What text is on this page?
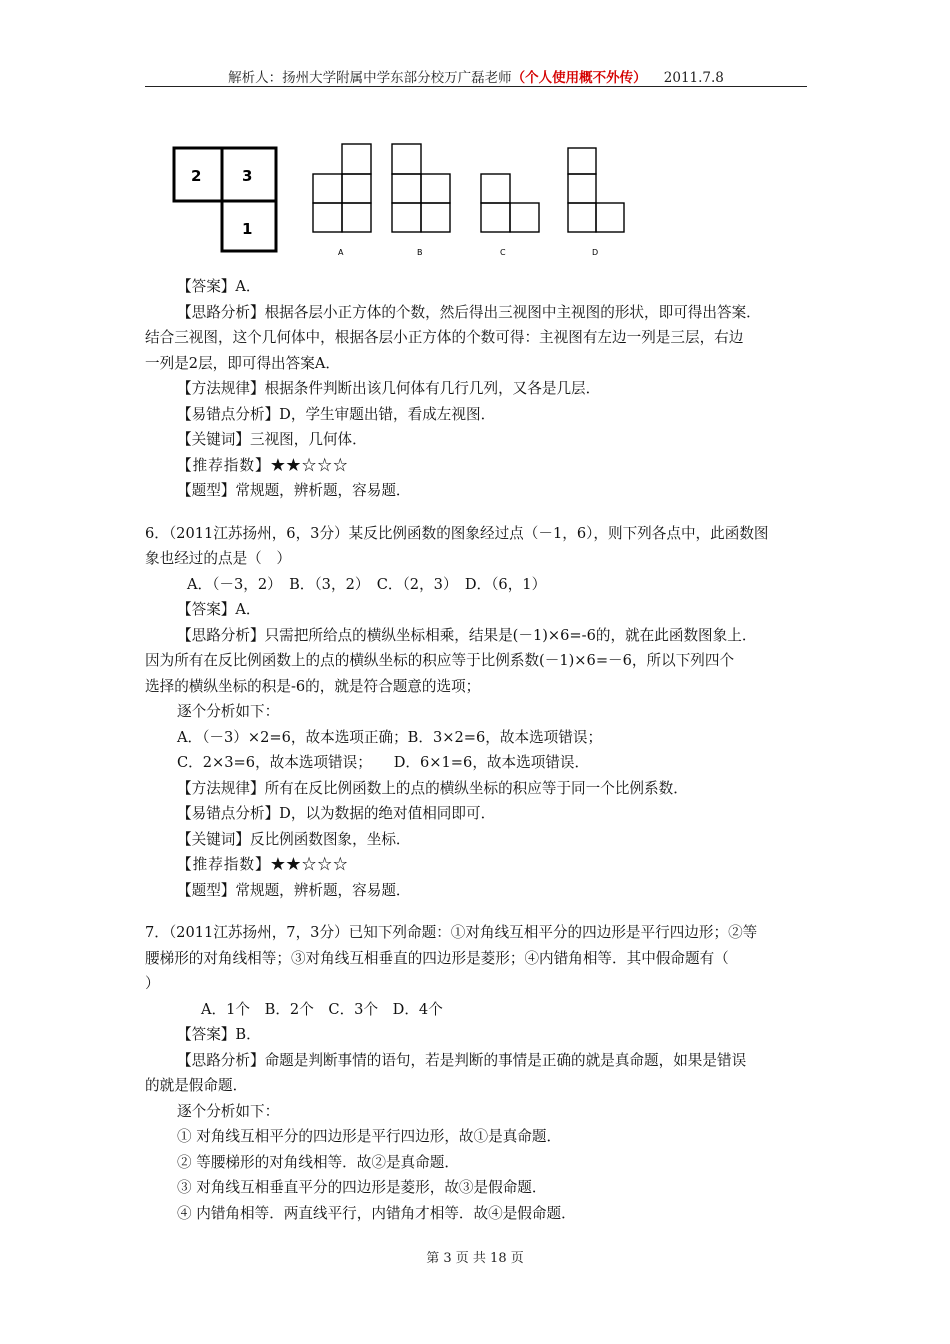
解析人：扬州大学附属中学东部分校万广磊老师（个人使用概不外传） 2011.7.8
2	3
1
A	B	C	D
【答案】A．
【思路分析】根据各层小正方体的个数，然后得出三视图中主视图的形状，即可得出答案．
结合三视图，这个几何体中，根据各层小正方体的个数可得：主视图有左边一列是三层，右边
一列是2层，即可得出答案A．
【方法规律】根据条件判断出该几何体有几行几列，又各是几层．
【易错点分析】D，学生审题出错，看成左视图．
【关键词】三视图，几何体．
【推荐指数】★★☆☆☆
【题型】常规题，辨析题，容易题．
6．（2011江苏扬州，6，3分）某反比例函数的图象经过点（－1，6），则下列各点中，此函数图
象也经过的点是（　）
A．（－3，2）　B．（3，2）　C．（2，3）　D．（6，1）
【答案】A．
【思路分析】只需把所给点的横纵坐标相乘，结果是(－1)×6=-6的，就在此函数图象上．
因为所有在反比例函数上的点的横纵坐标的积应等于比例系数(－1)×6=－6，所以下列四个
选择的横纵坐标的积是-6的，就是符合题意的选项；
逐个分析如下：
A．（－3）×2=6，故本选项正确；B．3×2=6，故本选项错误；
C．2×3=6，故本选项错误；　　D．6×1=6，故本选项错误．
【方法规律】所有在反比例函数上的点的横纵坐标的积应等于同一个比例系数．
【易错点分析】D，以为数据的绝对值相同即可．
【关键词】反比例函数图象，坐标．
【推荐指数】★★☆☆☆
【题型】常规题，辨析题，容易题．
7．（2011江苏扬州，7，3分）已知下列命题：①对角线互相平分的四边形是平行四边形；②等
腰梯形的对角线相等；③对角线互相垂直的四边形是菱形；④内错角相等．其中假命题有（
）
A．1个　B．2个　C．3个　D．4个
【答案】B．
【思路分析】命题是判断事情的语句，若是判断的事情是正确的就是真命题，如果是错误
的就是假命题．
逐个分析如下：
① 对角线互相平分的四边形是平行四边形，故①是真命题．
② 等腰梯形的对角线相等．故②是真命题．
③ 对角线互相垂直平分的四边形是菱形，故③是假命题．
④ 内错角相等．两直线平行，内错角才相等．故④是假命题．
第 3 页 共 18 页
